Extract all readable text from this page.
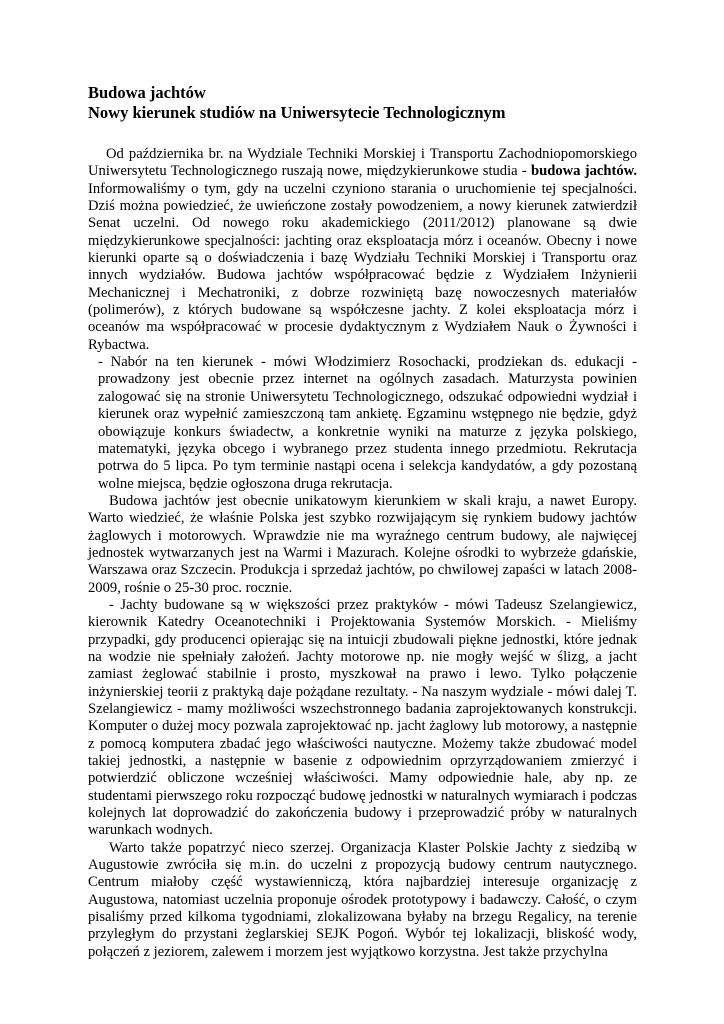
Budowa jachtów
Nowy kierunek studiów na Uniwersytecie Technologicznym

Od października br. na Wydziale Techniki Morskiej i Transportu Zachodniopomorskiego Uniwersytetu Technologicznego ruszają nowe, międzykierunkowe studia - budowa jachtów. Informowaliśmy o tym, gdy na uczelni czyniono starania o uruchomienie tej specjalności. Dziś można powiedzieć, że uwieńczone zostały powodzeniem, a nowy kierunek zatwierdził Senat uczelni. Od nowego roku akademickiego (2011/2012) planowane są dwie międzykierunkowe specjalności: jachting oraz eksploatacja mórz i oceanów. Obecny i nowe kierunki oparte są o doświadczenia i bazę Wydziału Techniki Morskiej i Transportu oraz innych wydziałów. Budowa jachtów współpracować będzie z Wydziałem Inżynierii Mechanicznej i Mechatroniki, z dobrze rozwiniętą bazę nowoczesnych materiałów (polimerów), z których budowane są współczesne jachty. Z kolei eksploatacja mórz i oceanów ma współpracować w procesie dydaktycznym z Wydziałem Nauk o Żywności i Rybactwa.

- Nabór na ten kierunek - mówi Włodzimierz Rosochacki, prodziekan ds. edukacji - prowadzony jest obecnie przez internet na ogólnych zasadach. Maturzysta powinien zalogować się na stronie Uniwersytetu Technologicznego, odszukać odpowiedni wydział i kierunek oraz wypełnić zamieszczoną tam ankietę. Egzaminu wstępnego nie będzie, gdyż obowiązuje konkurs świadectw, a konkretnie wyniki na maturze z języka polskiego, matematyki, języka obcego i wybranego przez studenta innego przedmiotu. Rekrutacja potrwa do 5 lipca. Po tym terminie nastąpi ocena i selekcja kandydatów, a gdy pozostaną wolne miejsca, będzie ogłoszona druga rekrutacja.

Budowa jachtów jest obecnie unikatowym kierunkiem w skali kraju, a nawet Europy. Warto wiedzieć, że właśnie Polska jest szybko rozwijającym się rynkiem budowy jachtów żaglowych i motorowych. Wprawdzie nie ma wyraźnego centrum budowy, ale najwięcej jednostek wytwarzanych jest na Warmi i Mazurach. Kolejne ośrodki to wybrzeże gdańskie, Warszawa oraz Szczecin. Produkcja i sprzedaż jachtów, po chwilowej zapaści w latach 2008-2009, rośnie o 25-30 proc. rocznie.

- Jachty budowane są w większości przez praktyków - mówi Tadeusz Szelangiewicz, kierownik Katedry Oceanotechniki i Projektowania Systemów Morskich. - Mieliśmy przypadki, gdy producenci opierając się na intuicji zbudowali piękne jednostki, które jednak na wodzie nie spełniały założeń. Jachty motorowe np. nie mogły wejść w ślizg, a jacht zamiast żeglować stabilnie i prosto, myszkował na prawo i lewo. Tylko połączenie inżynierskiej teorii z praktyką daje pożądane rezultaty. - Na naszym wydziale - mówi dalej T. Szelangiewicz - mamy możliwości wszechstronnego badania zaprojektowanych konstrukcji. Komputer o dużej mocy pozwala zaprojektować np. jacht żaglowy lub motorowy, a następnie z pomocą komputera zbadać jego właściwości nautyczne. Możemy także zbudować model takiej jednostki, a następnie w basenie z odpowiednim oprzyrządowaniem zmierzyć i potwierdzić obliczone wcześniej właściwości. Mamy odpowiednie hale, aby np. ze studentami pierwszego roku rozpocząć budowę jednostki w naturalnych wymiarach i podczas kolejnych lat doprowadzić do zakończenia budowy i przeprowadzić próby w naturalnych warunkach wodnych.

Warto także popatrzyć nieco szerzej. Organizacja Klaster Polskie Jachty z siedzibą w Augustowie zwróciła się m.in. do uczelni z propozycją budowy centrum nautycznego. Centrum miałoby część wystawienniczą, która najbardziej interesuje organizację z Augustowa, natomiast uczelnia proponuje ośrodek prototypowy i badawczy. Całość, o czym pisaliśmy przed kilkoma tygodniami, zlokalizowana byłaby na brzegu Regalicy, na terenie przyległym do przystani żeglarskiej SEJK Pogoń. Wybór tej lokalizacji, bliskość wody, połączeń z jeziorem, zalewem i morzem jest wyjątkowo korzystna. Jest także przychylna
